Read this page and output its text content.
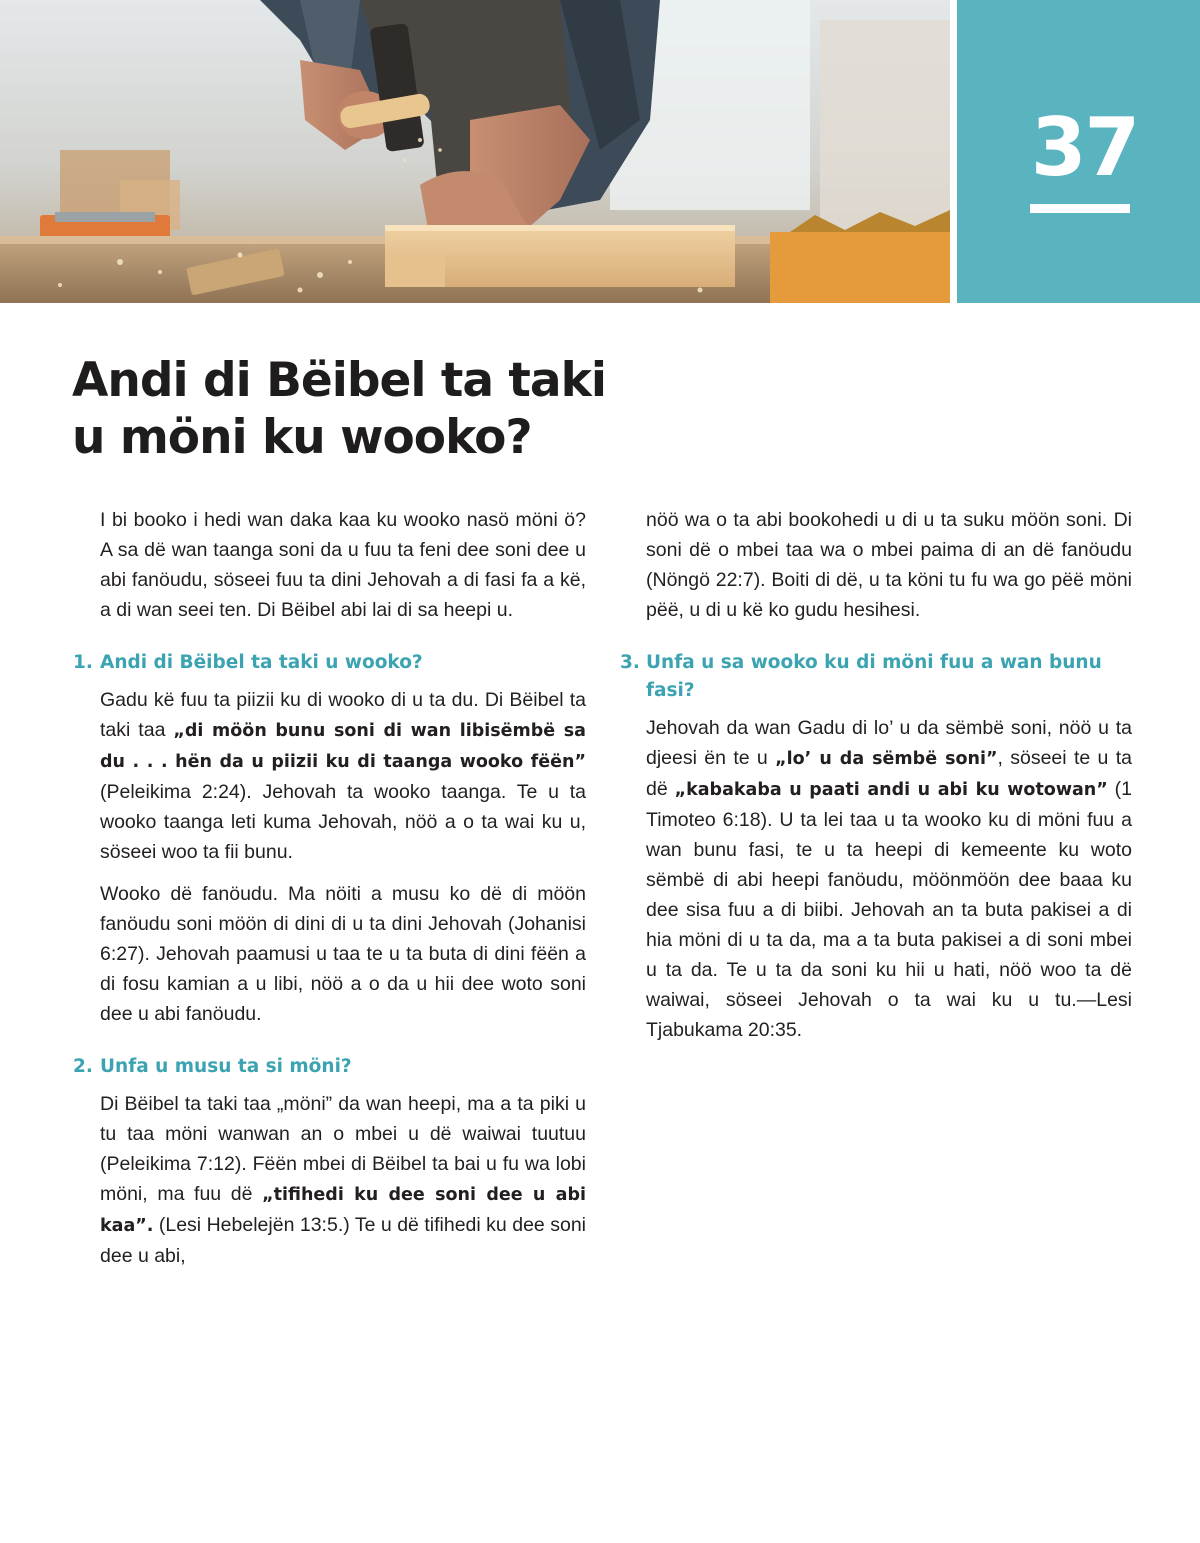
37
Andi di Bëibel ta taki
u möni ku wooko?

I bi booko i hedi wan daka kaa ku wooko nasö möni ö? A sa dë wan taanga soni da u fuu ta feni dee soni dee u abi fanöudu, söseei fuu ta dini Jehovah a di fasi fa a kë, a di wan seei ten. Di Bëibel abi lai di sa heepi u.

1. Andi di Bëibel ta taki u wooko?

Gadu kë fuu ta piizii ku di wooko di u ta du. Di Bëibel ta taki taa „di möön bunu soni di wan libisëmbë sa du . . . hën da u piizii ku di taanga wooko fëën” (Peleikima 2:24). Jehovah ta wooko taanga. Te u ta wooko taanga leti kuma Jehovah, nöö a o ta wai ku u, söseei woo ta fii bunu.

Wooko dë fanöudu. Ma nöiti a musu ko dë di möön fanöudu soni möön di dini di u ta dini Jehovah (Johanisi 6:27). Jehovah paamusi u taa te u ta buta di dini fëën a di fosu kamian a u libi, nöö a o da u hii dee woto soni dee u abi fanöudu.

2. Unfa u musu ta si möni?

Di Bëibel ta taki taa „möni” da wan heepi, ma a ta piki u tu taa möni wanwan an o mbei u dë waiwai tuutuu (Peleikima 7:12). Fëën mbei di Bëibel ta bai u fu wa lobi möni, ma fuu dë „tifihedi ku dee soni dee u abi kaa”. (Lesi Hebelejën 13:5.) Te u dë tifihedi ku dee soni dee u abi,

nöö wa o ta abi bookohedi u di u ta suku möön soni. Di soni dë o mbei taa wa o mbei paima di an dë fanöudu (Nöngö 22:7). Boiti di dë, u ta köni tu fu wa go pëë möni pëë, u di u kë ko gudu hesihesi.

3. Unfa u sa wooko ku di möni fuu a wan bunu fasi?

Jehovah da wan Gadu di lo’ u da sëmbë soni, nöö u ta djeesi ën te u „lo’ u da sëmbë soni”, söseei te u ta dë „kabakaba u paati andi u abi ku wotowan” (1 Timoteo 6:18). U ta lei taa u ta wooko ku di möni fuu a wan bunu fasi, te u ta heepi di kemeente ku woto sëmbë di abi heepi fanöudu, möönmöön dee baaa ku dee sisa fuu a di biibi. Jehovah an ta buta pakisei a di hia möni di u ta da, ma a ta buta pakisei a di soni mbei u ta da. Te u ta da soni ku hii u hati, nöö woo ta dë waiwai, söseei Jehovah o ta wai ku u tu.—Lesi Tjabukama 20:35.
